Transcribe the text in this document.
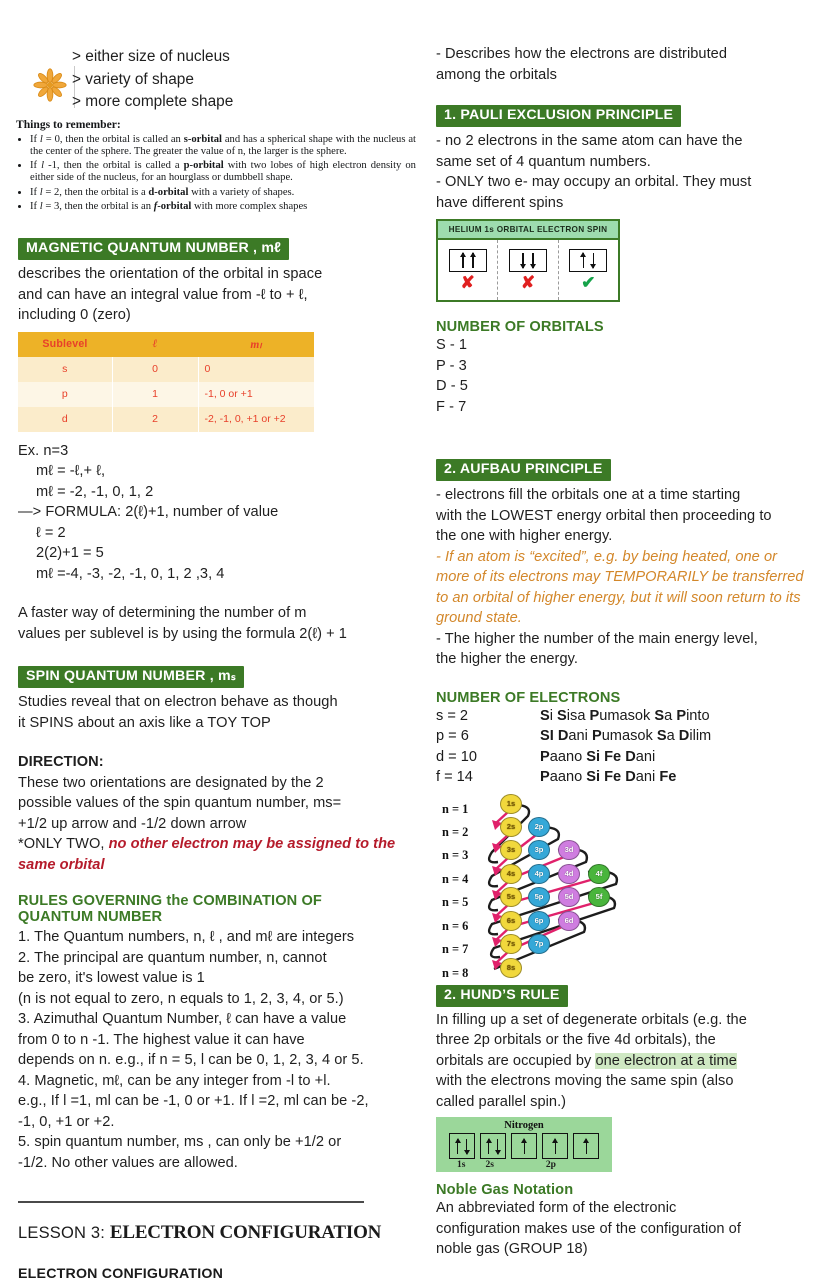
> either size of nucleus
> variety of shape
> more complete shape
Things to remember:
• If l = 0, then the orbital is called an s-orbital and has a spherical shape with the nucleus at the center of the sphere. The greater the value of n, the larger is the sphere.
• If l -1, then the orbital is called a p-orbital with two lobes of high electron density on either side of the nucleus, for an hourglass or dumbbell shape.
• If l = 2, then the orbital is a d-orbital with a variety of shapes.
• If l = 3, then the orbital is an f-orbital with more complex shapes
MAGNETIC QUANTUM NUMBER , mℓ

describes the orientation of the orbital in space

and can have an integral value from -ℓ to + ℓ,

including 0 (zero)

Sublevel	ℓ	mₗ
s	0	0
p	1	-1, 0 or +1
d	2	-2, -1, 0, +1 or +2

Ex. n=3

mℓ = -ℓ,+ ℓ,

mℓ = -2, -1, 0, 1, 2

—> FORMULA: 2(ℓ)+1, number of value

ℓ = 2

2(2)+1 = 5

mℓ =-4, -3, -2, -1, 0, 1, 2 ,3, 4

A faster way of determining the number of m

values per sublevel is by using the formula 2(ℓ) + 1

SPIN QUANTUM NUMBER , mₛ

Studies reveal that on electron behave as though

it SPINS about an axis like a TOY TOP

DIRECTION:

These two orientations are designated by the 2

possible values of the spin quantum number, ms=

+1/2 up arrow and -1/2 down arrow

*ONLY TWO, no other electron may be assigned to the same orbital

RULES GOVERNING the COMBINATION OF
QUANTUM NUMBER

1. The Quantum numbers, n, ℓ , and mℓ are integers

2. The principal are quantum number, n, cannot

be zero, it's lowest value is 1

(n is not equal to zero, n equals to 1, 2, 3, 4, or 5.)

3. Azimuthal Quantum Number, ℓ can have a value

from 0 to n -1. The highest value it can have

depends on n. e.g., if n = 5, l can be 0, 1, 2, 3, 4 or 5.

4. Magnetic, mℓ, can be any integer from -l to +l.

e.g., If l =1, ml can be -1, 0 or +1. If l =2, ml can be -2,

-1, 0, +1 or +2.

5. spin quantum number, ms , can only be +1/2 or

-1/2. No other values are allowed.

LESSON 3: ELECTRON CONFIGURATION
ELECTRON CONFIGURATION

- Describes how the electrons are distributed

among the orbitals

1. PAULI EXCLUSION PRINCIPLE

- no 2 electrons in the same atom can have the

same set of 4 quantum numbers.

- ONLY two e- may occupy an orbital. They must

have different spins

HELIUM 1s ORBITAL ELECTRON SPIN
✘	✘	✔
NUMBER OF ORBITALS

S - 1

P - 3

D - 5

F - 7

2. AUFBAU PRINCIPLE

- electrons fill the orbitals one at a time starting

with the LOWEST energy orbital then proceeding to

the one with higher energy.

- If an atom is “excited”, e.g. by being heated, one or more of its electrons may TEMPORARILY be transferred to an orbital of higher energy, but it will soon return to its ground state.

- The higher the number of the main energy level,

the higher the energy.

NUMBER OF ELECTRONS
s = 2	Si Sisa Pumasok Sa Pinto
p = 6	SI Dani Pumasok Sa Dilim
d = 10	Paano Si Fe Dani
f = 14	Paano Si Fe Dani Fe
n = 1
n = 2
n = 3
n = 4
n = 5
n = 6
n = 7
n = 8
1s
2s	2p
3s	3p	3d
4s	4p	4d	4f
5s	5p	5d	5f
6s	6p	6d
7s	7p
8s
2. HUND’S RULE

In filling up a set of degenerate orbitals (e.g. the

three 2p orbitals or the five 4d orbitals), the

orbitals are occupied by one electron at a time

with the electrons moving the same spin (also

called parallel spin.)

Nitrogen
1s 2s	2p
Noble Gas Notation

An abbreviated form of the electronic

configuration makes use of the configuration of

noble gas (GROUP 18)
